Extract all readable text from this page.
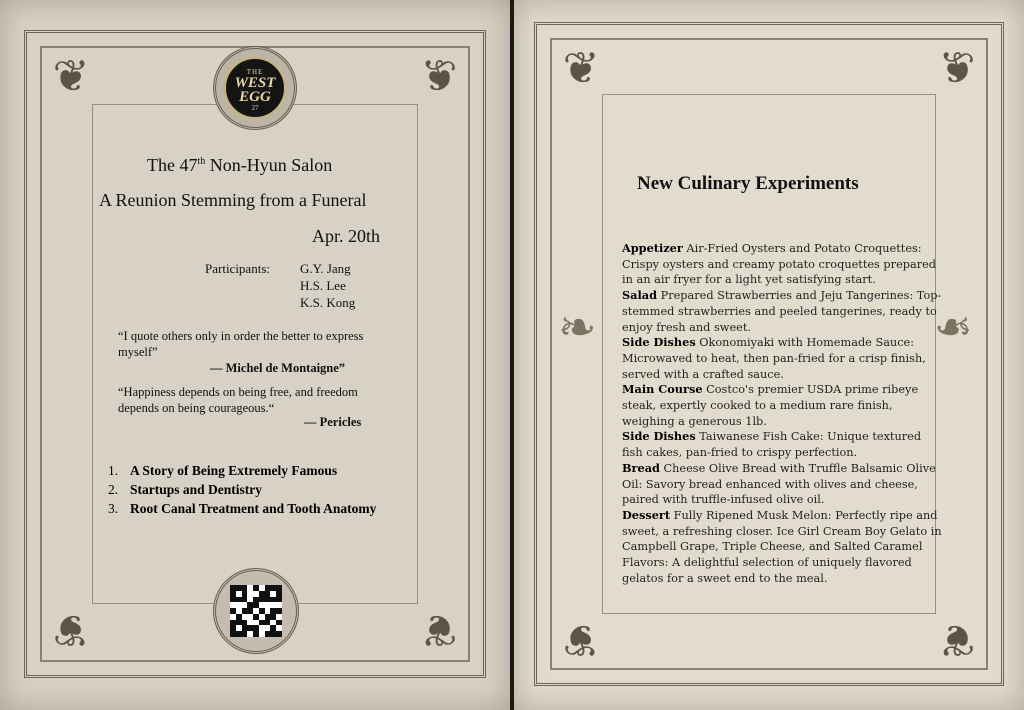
❦	❦
❦	❦
THE
WEST EGG
27
The 47th Non-Hyun Salon
A Reunion Stemming from a Funeral
Apr. 20th
Participants: G.Y. Jang
H.S. Lee
K.S. Kong
“I quote others only in order the better to express myself”
— Michel de Montaigne”
“Happiness depends on being free, and freedom depends on being courageous.“
— Pericles
1. A Story of Being Extremely Famous
2. Startups and Dentistry
3. Root Canal Treatment and Tooth Anatomy
❦	❦
❦	❦
❧	❧
New Culinary Experiments

Appetizer Air-Fried Oysters and Potato Croquettes: Crispy oysters and creamy potato croquettes prepared in an air fryer for a light yet satisfying start.

Salad Prepared Strawberries and Jeju Tangerines: Top-stemmed strawberries and peeled tangerines, ready to enjoy fresh and sweet.

Side Dishes Okonomiyaki with Homemade Sauce: Microwaved to heat, then pan-fried for a crisp finish, served with a crafted sauce.

Main Course Costco's premier USDA prime ribeye steak, expertly cooked to a medium rare finish, weighing a generous 1lb.

Side Dishes Taiwanese Fish Cake: Unique textured fish cakes, pan-fried to crispy perfection.

Bread Cheese Olive Bread with Truffle Balsamic Olive Oil: Savory bread enhanced with olives and cheese, paired with truffle-infused olive oil.

Dessert Fully Ripened Musk Melon: Perfectly ripe and sweet, a refreshing closer. Ice Girl Cream Boy Gelato in Campbell Grape, Triple Cheese, and Salted Caramel Flavors: A delightful selection of uniquely flavored gelatos for a sweet end to the meal.
